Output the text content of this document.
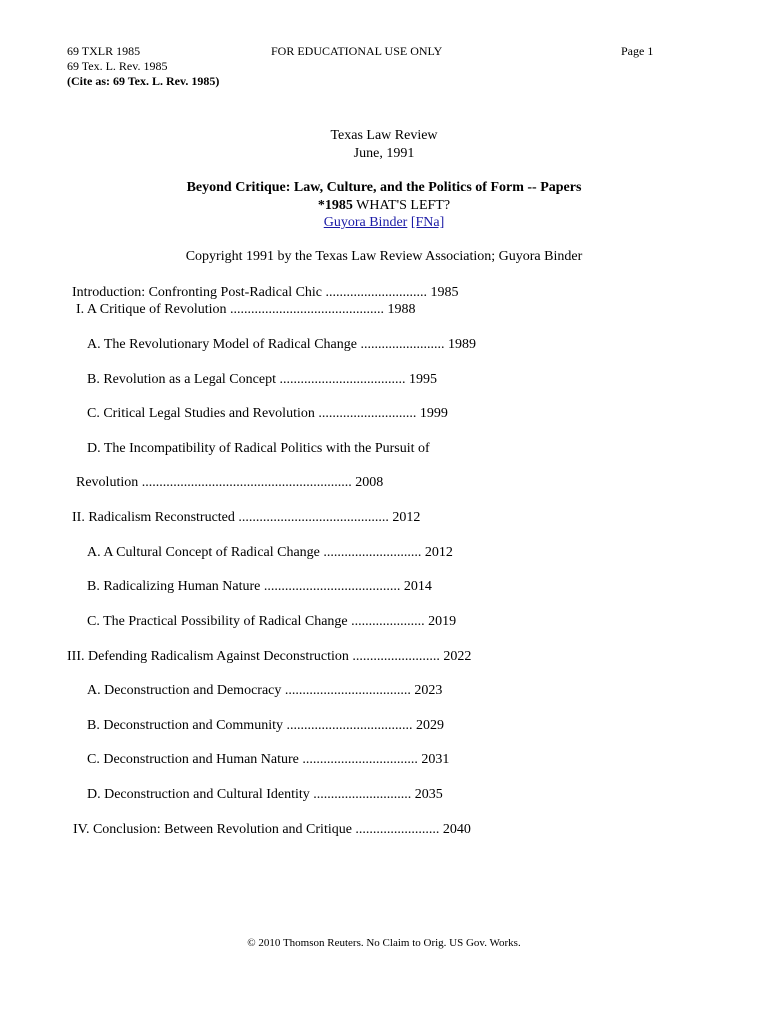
69 TXLR 1985
69 Tex. L. Rev. 1985
(Cite as: 69 Tex. L. Rev. 1985)
FOR EDUCATIONAL USE ONLY	Page 1
Texas Law Review
June, 1991
Beyond Critique: Law, Culture, and the Politics of Form -- Papers
*1985 WHAT'S LEFT?
Guyora Binder [FNa]
Copyright 1991 by the Texas Law Review Association; Guyora Binder
Introduction: Confronting Post-Radical Chic ............................. 1985
I. A Critique of Revolution ............................................ 1988
A. The Revolutionary Model of Radical Change ........................ 1989
B. Revolution as a Legal Concept .................................... 1995
C. Critical Legal Studies and Revolution ............................ 1999
D. The Incompatibility of Radical Politics with the Pursuit of
Revolution ............................................................ 2008
II. Radicalism Reconstructed ........................................... 2012
A. A Cultural Concept of Radical Change ............................ 2012
B. Radicalizing Human Nature ....................................... 2014
C. The Practical Possibility of Radical Change ..................... 2019
III. Defending Radicalism Against Deconstruction ......................... 2022
A. Deconstruction and Democracy .................................... 2023
B. Deconstruction and Community .................................... 2029
C. Deconstruction and Human Nature ................................. 2031
D. Deconstruction and Cultural Identity ............................ 2035
IV. Conclusion: Between Revolution and Critique ........................ 2040
© 2010 Thomson Reuters. No Claim to Orig. US Gov. Works.
